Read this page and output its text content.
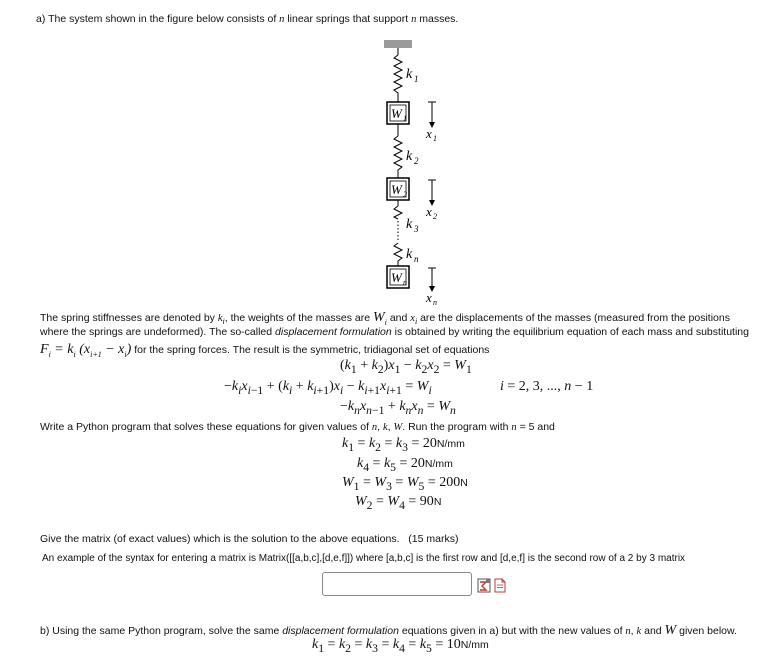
a) The system shown in the figure below consists of n linear springs that support n masses.
k 1
W 1
x 1
k 2
W 2
x 2
k 3
k n
W n
x n
The spring stiffnesses are denoted by $k_i$, the weights of the masses are $W_i$ and $x_i$ are the displacements of the masses (measured from the positions
where the springs are undeformed). The so-called displacement formulation is obtained by writing the equilibrium equation of each mass and substituting
$F_i = k_i$ $(x_{i+1} - x_i)$ for the spring forces. The result is the symmetric, tridiagonal set of equations
$(k_1 + k_2)x_1 - k_2x_2 = W_1$
$-k_ix_{i-1} + (k_i + k_{i+1})x_i - k_{i+1}x_{i+1} = W_i$	i = 2, 3, ..., n − 1
$-k_nx_{n-1} + k_nx_n = W_n$
Write a Python program that solves these equations for given values of n, k, W. Run the program with n = 5 and
$k_1 = k_2 = k_3 = 20N/mm$
$k_4 = k_5 = 20N/mm$
$W_1 = W_3 = W_5 = 200N$
$W_2 = W_4 = 90N$
Give the matrix (of exact values) which is the solution to the above equations. (15 marks)
An example of the syntax for entering a matrix is Matrix([[a,b,c],[d,e,f]]) where [a,b,c] is the first row and [d,e,f] is the second row of a 2 by 3 matrix
b) Using the same Python program, solve the same displacement formulation equations given in a) but with the new values of n, k and W given below.
$k_1 = k_2 = k_3 = k_4 = k_5 = 10N/mm$
